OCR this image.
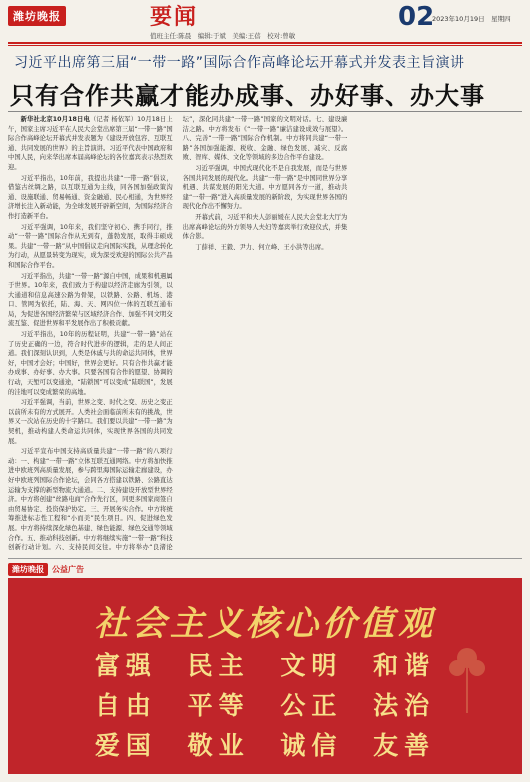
潍坊晚报	要闻	02
2023年10月19日　星期四
值班主任:陈晨　编辑:于斌　美编:王蓓　校对:曾敏
习近平出席第三届“一带一路”国际合作高峰论坛开幕式并发表主旨演讲
只有合作共赢才能办成事、办好事、办大事

新华社北京10月18日电（记者 杨依军）10月18日上午，国家主席习近平在人民大会堂出席第三届“一带一路”国际合作高峰论坛开幕式并发表题为《建设开放包容、互联互通、共同发展的世界》的主旨演讲。习近平代表中国政府和中国人民，向来华出席本届高峰论坛的各位嘉宾表示热烈欢迎。

习近平指出，10年前，我提出共建“一带一路”倡议，借鉴古丝绸之路，以互联互通为主线，同各国加强政策沟通、设施联通、贸易畅通、资金融通、民心相通，为世界经济增长注入新动能，为全球发展开辟新空间，为国际经济合作打造新平台。

习近平强调，10年来，我们坚守初心、携手同行，推动“一带一路”国际合作从无到有，蓬勃发展，取得丰硕成果。共建“一带一路”从中国倡议走向国际实践，从理念转化为行动，从愿景转变为现实，成为深受欢迎的国际公共产品和国际合作平台。

习近平指出，共建“一带一路”源自中国，成果和机遇属于世界。10年来，我们致力于构建以经济走廊为引领，以大通道和信息高速公路为骨架，以铁路、公路、机场、港口、管网为依托，陆、海、天、网四位一体的互联互通布局，为促进各国经济繁荣与区域经济合作、加强不同文明交流互鉴、促进世界和平发展作出了积极贡献。

习近平指出，10年的历程证明，共建“一带一路”站在了历史正确的一边，符合时代进步的逻辑，走的是人间正道。我们深刻认识到，人类是休戚与共的命运共同体，世界好，中国才会好；中国好，世界会更好。只有合作共赢才能办成事、办好事、办大事。只要各国有合作的愿望、协调的行动，天堑可以变通途，“陆锁国”可以变成“陆联国”，发展的洼地可以变成繁荣的高地。

习近平强调，当前，世界之变、时代之变、历史之变正以前所未有的方式展开。人类社会面临前所未有的挑战，世界又一次站在历史的十字路口。我们要以共建“一带一路”为契机，推动构建人类命运共同体，实现世界各国的共同发展。

习近平宣布中国支持高质量共建“一带一路”的八项行动：一、构建“一带一路”立体互联互通网络。中方将加快推进中欧班列高质量发展，参与跨里海国际运输走廊建设，办好中欧班列国际合作论坛，会同各方搭建以铁路、公路直达运输为支撑的新型物流大通道。二、支持建设开放型世界经济。中方将创建“丝路电商”合作先行区，同更多国家商签自由贸易协定、投资保护协定。三、开展务实合作。中方将统筹推进标志性工程和“小而美”民生项目。四、促进绿色发展。中方将持续深化绿色基建、绿色能源、绿色交通等领域合作。五、推动科技创新。中方将继续实施“一带一路”科技创新行动计划。六、支持民间交往。中方将举办“良渚论坛”，深化同共建“一带一路”国家的文明对话。七、建设廉洁之路。中方将发布《“一带一路”廉洁建设成效与展望》。八、完善“一带一路”国际合作机制。中方将同共建“一带一路”各国加强能源、税收、金融、绿色发展、减灾、反腐败、智库、媒体、文化等领域的多边合作平台建设。

习近平强调，中国式现代化不是自我发展，而是与世界各国共同发展的现代化。共建“一带一路”是中国同世界分享机遇、共谋发展的阳光大道。中方愿同各方一道，推动共建“一带一路”进入高质量发展的新阶段，为实现世界各国的现代化作出不懈努力。

开幕式前，习近平和夫人彭丽媛在人民大会堂北大厅为出席高峰论坛的外方领导人夫妇等嘉宾举行欢迎仪式，并集体合影。

丁薛祥、王毅、尹力、何立峰、王小洪等出席。

潍坊晚报	公益广告
社会主义核心价值观
富强 民主 文明 和谐
自由 平等 公正 法治
爱国 敬业 诚信 友善
